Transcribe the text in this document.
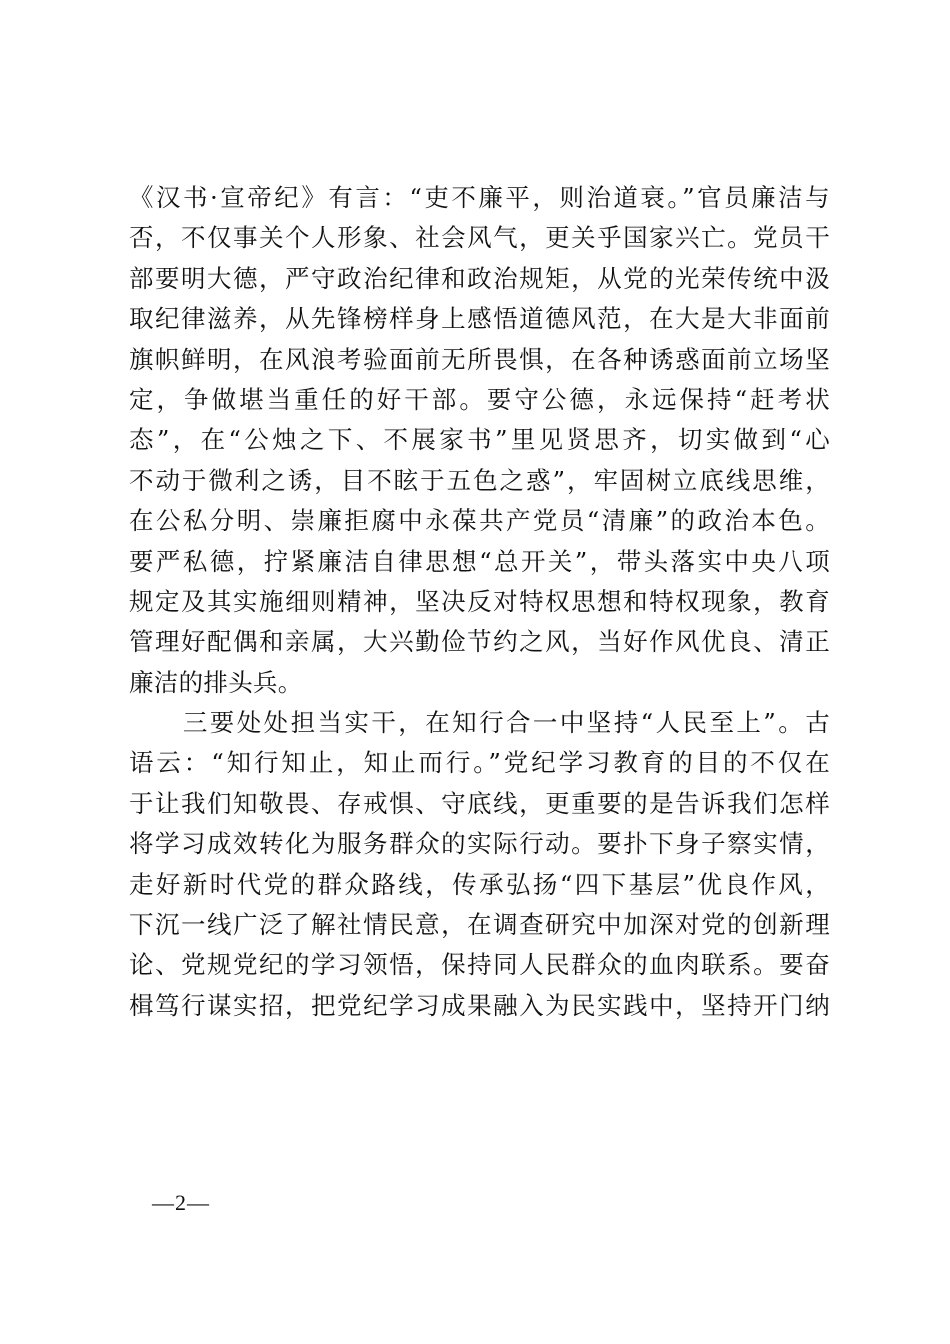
《汉书·宣帝纪》有言：“吏不廉平，则治道衰。”官员廉洁与
否，不仅事关个人形象、社会风气，更关乎国家兴亡。党员干
部要明大德，严守政治纪律和政治规矩，从党的光荣传统中汲
取纪律滋养，从先锋榜样身上感悟道德风范，在大是大非面前
旗帜鲜明，在风浪考验面前无所畏惧，在各种诱惑面前立场坚
定，争做堪当重任的好干部。要守公德，永远保持“赶考状
态”，在“公烛之下、不展家书”里见贤思齐，切实做到“心
不动于微利之诱，目不眩于五色之惑”，牢固树立底线思维，
在公私分明、崇廉拒腐中永葆共产党员“清廉”的政治本色。
要严私德，拧紧廉洁自律思想“总开关”，带头落实中央八项
规定及其实施细则精神，坚决反对特权思想和特权现象，教育
管理好配偶和亲属，大兴勤俭节约之风，当好作风优良、清正
廉洁的排头兵。
　　三要处处担当实干，在知行合一中坚持“人民至上”。古
语云：“知行知止，知止而行。”党纪学习教育的目的不仅在
于让我们知敬畏、存戒惧、守底线，更重要的是告诉我们怎样
将学习成效转化为服务群众的实际行动。要扑下身子察实情，
走好新时代党的群众路线，传承弘扬“四下基层”优良作风，
下沉一线广泛了解社情民意，在调查研究中加深对党的创新理
论、党规党纪的学习领悟，保持同人民群众的血肉联系。要奋
楫笃行谋实招，把党纪学习成果融入为民实践中，坚持开门纳
—2—
